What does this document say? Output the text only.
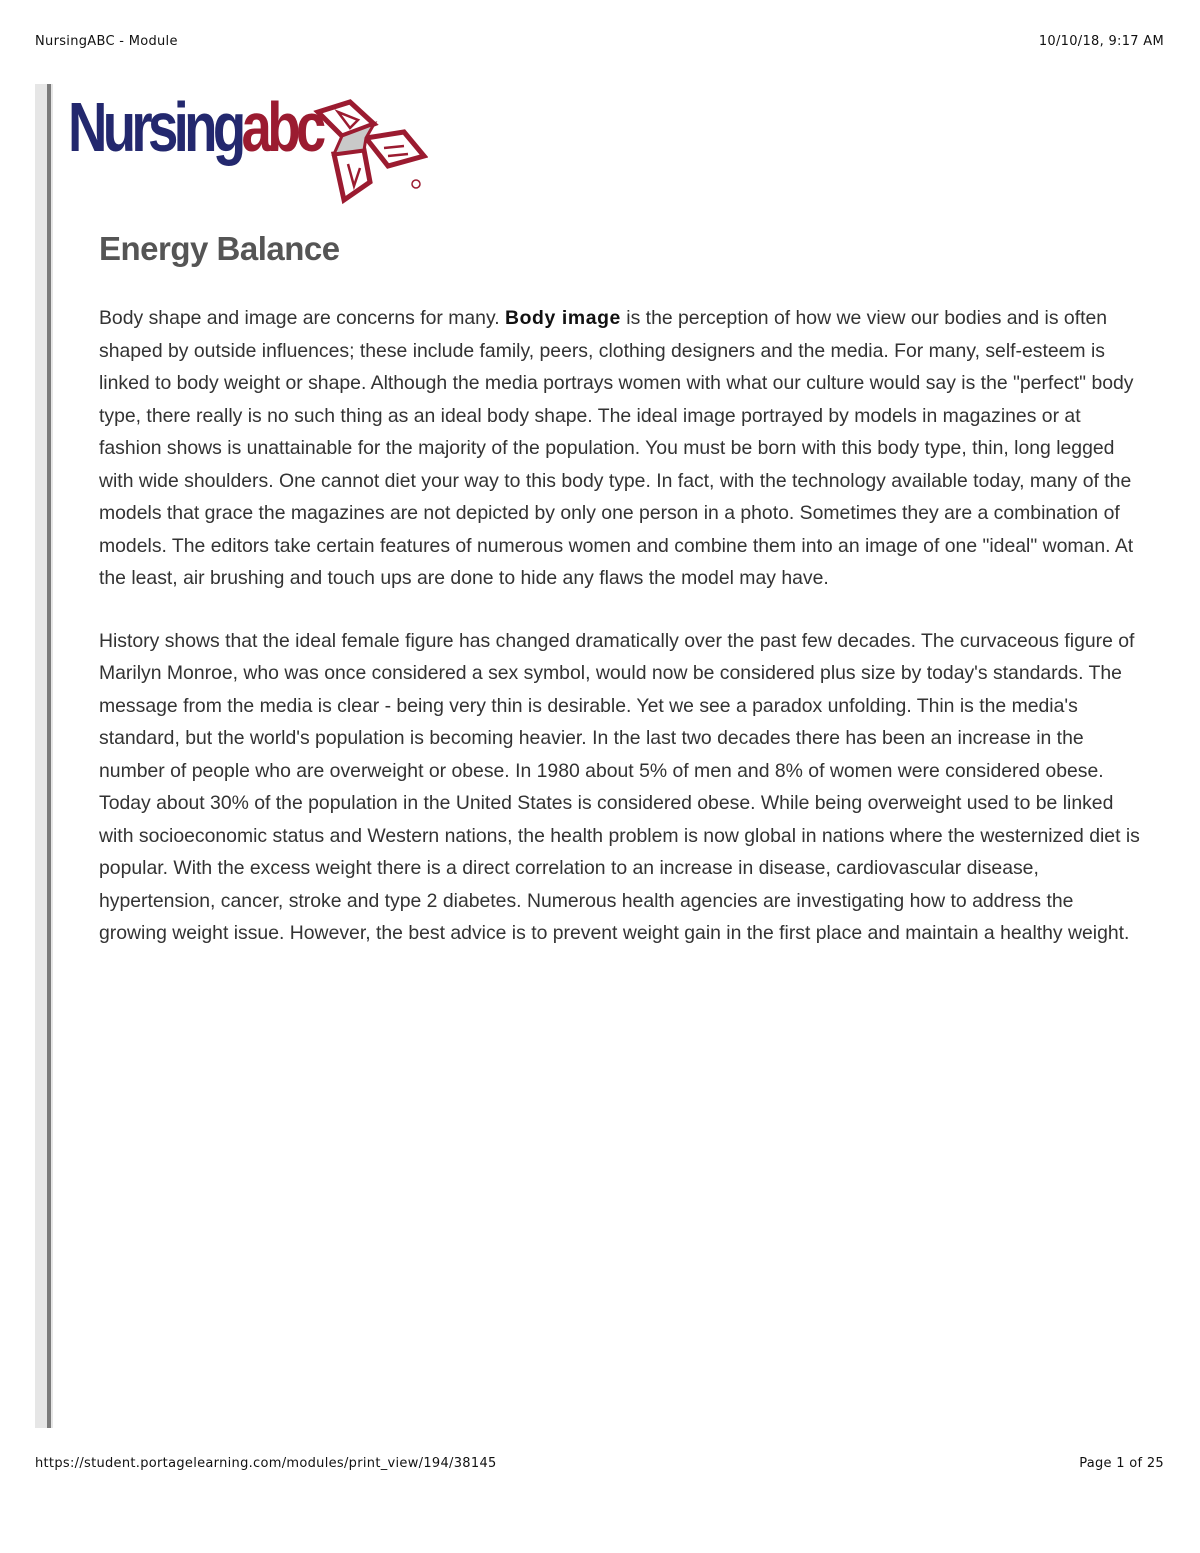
NursingABC - Module	10/10/18, 9:17 AM
Nursingabc
Energy Balance

Body shape and image are concerns for many. Body image is the perception of how we view our bodies and is often shaped by outside influences; these include family, peers, clothing designers and the media. For many, self-esteem is linked to body weight or shape. Although the media portrays women with what our culture would say is the "perfect" body type, there really is no such thing as an ideal body shape. The ideal image portrayed by models in magazines or at fashion shows is unattainable for the majority of the population. You must be born with this body type, thin, long legged with wide shoulders. One cannot diet your way to this body type. In fact, with the technology available today, many of the models that grace the magazines are not depicted by only one person in a photo. Sometimes they are a combination of models. The editors take certain features of numerous women and combine them into an image of one "ideal" woman. At the least, air brushing and touch ups are done to hide any flaws the model may have.

History shows that the ideal female figure has changed dramatically over the past few decades. The curvaceous figure of Marilyn Monroe, who was once considered a sex symbol, would now be considered plus size by today's standards. The message from the media is clear - being very thin is desirable. Yet we see a paradox unfolding. Thin is the media's standard, but the world's population is becoming heavier. In the last two decades there has been an increase in the number of people who are overweight or obese. In 1980 about 5% of men and 8% of women were considered obese. Today about 30% of the population in the United States is considered obese. While being overweight used to be linked with socioeconomic status and Western nations, the health problem is now global in nations where the westernized diet is popular. With the excess weight there is a direct correlation to an increase in disease, cardiovascular disease, hypertension, cancer, stroke and type 2 diabetes. Numerous health agencies are investigating how to address the growing weight issue. However, the best advice is to prevent weight gain in the first place and maintain a healthy weight.

https://student.portagelearning.com/modules/print_view/194/38145	Page 1 of 25
